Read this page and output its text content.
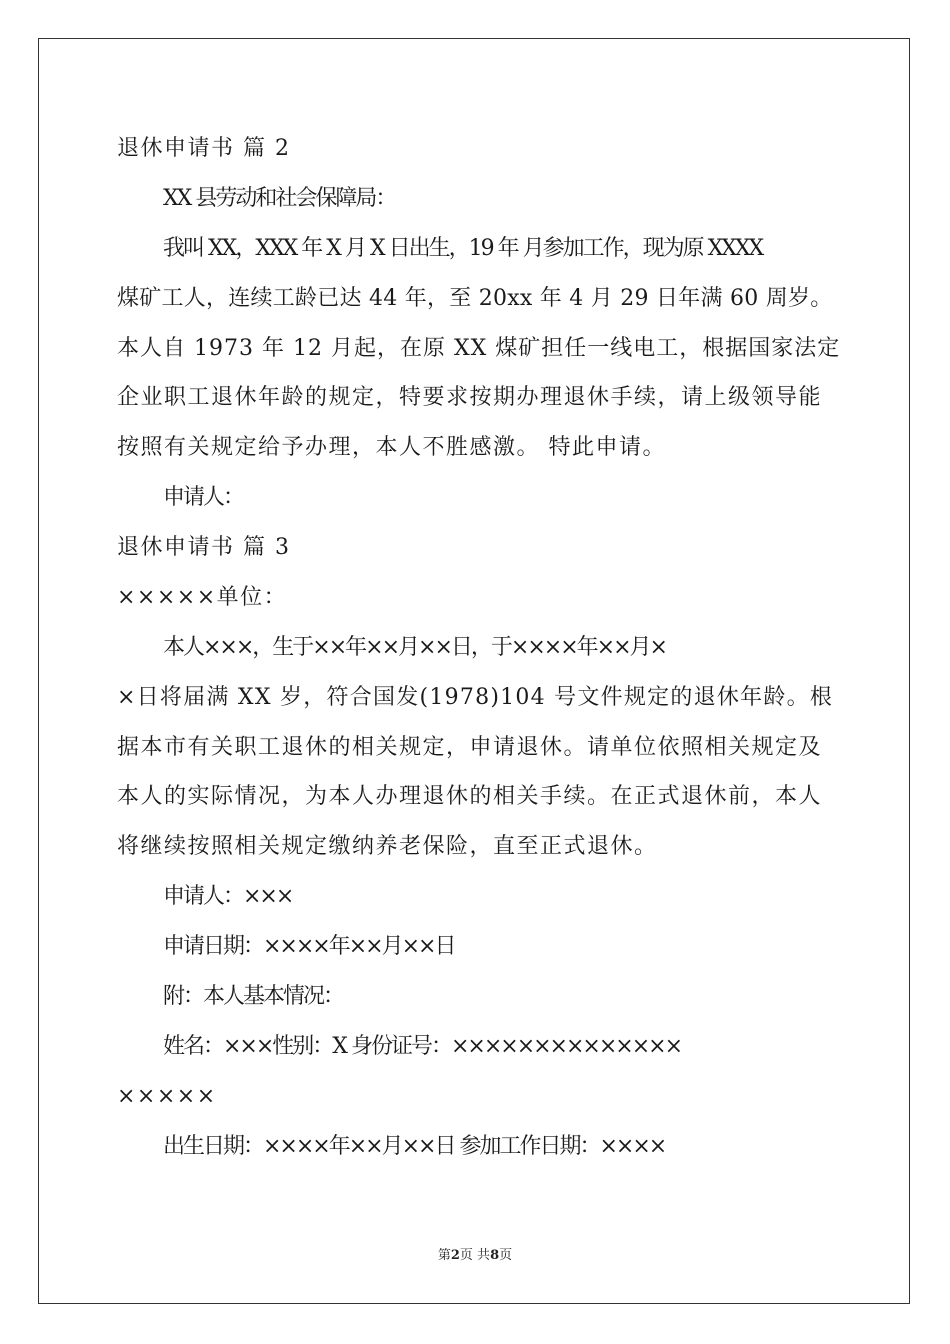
退休申请书 篇 2
XX 县劳动和社会保障局：
我叫 XX，XXX 年 X 月 X 日出生，19 年 月参加工作，现为原 XXXX
煤矿工人，连续工龄已达 44 年，至 20xx 年 4 月 29 日年满 60 周岁。
本人自 1973 年 12 月起，在原 XX 煤矿担任一线电工，根据国家法定
企业职工退休年龄的规定，特要求按期办理退休手续，请上级领导能
按照有关规定给予办理，本人不胜感激。 特此申请。
申请人：
退休申请书 篇 3
×××××单位：
本人×××，生于××年××月××日，于××××年××月×
×日将届满 XX 岁，符合国发(1978)104 号文件规定的退休年龄。根
据本市有关职工退休的相关规定，申请退休。请单位依照相关规定及
本人的实际情况，为本人办理退休的相关手续。在正式退休前，本人
将继续按照相关规定缴纳养老保险，直至正式退休。
申请人：×××
申请日期：××××年××月××日
附：本人基本情况：
姓名：×××性别：X 身份证号：××××××××××××××
×××××
出生日期：××××年××月××日 参加工作日期：××××
第2页 共8页
